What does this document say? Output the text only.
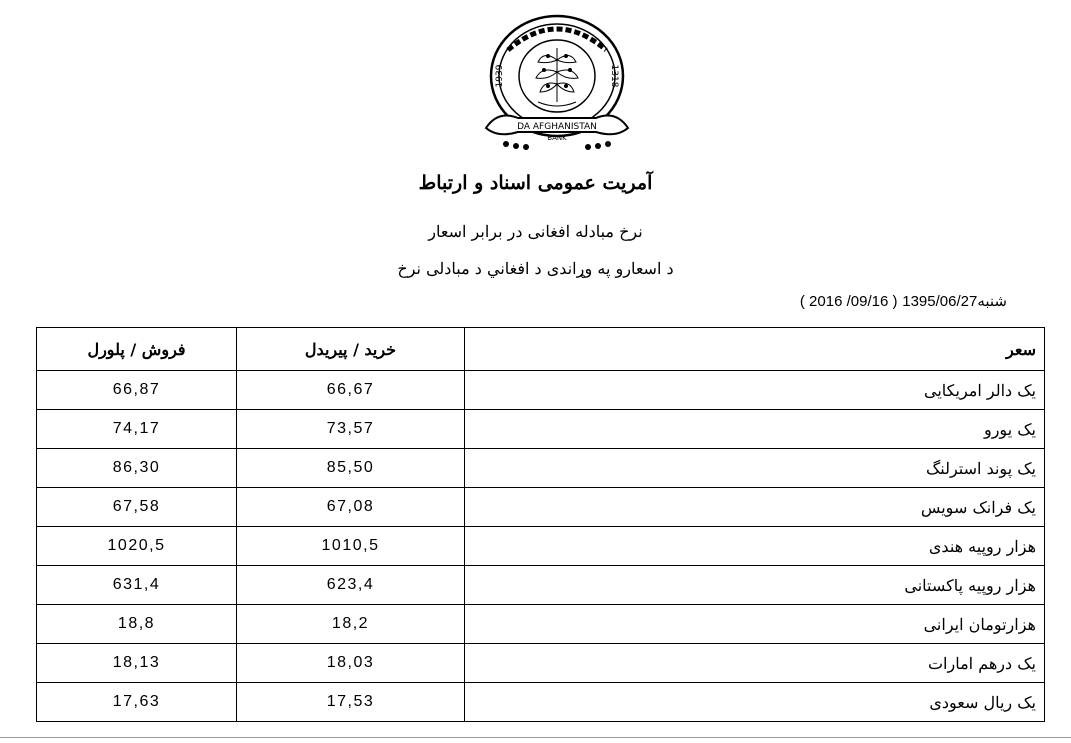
1939	1318
DA AFGHANISTAN
BANK
آمریت عمومی اسناد و ارتباط
نرخ مبادله افغانی در برابر اسعار
د اسعارو په وړاندی د افغاني د مبادلی نرخ
( 2016 /09/16 ) 1395/06/27شنبه
فروش / پلورل	خرید / پیریدل	سعر
66,87	66,67	یک دالر امریکایی
74,17	73,57	یک یورو
86,30	85,50	یک پوند استرلنگ
67,58	67,08	یک فرانک سویس
1020,5	1010,5	هزار روپیه هندی
631,4	623,4	هزار روپیه پاکستانی
18,8	18,2	هزارتومان ایرانی
18,13	18,03	یک درهم امارات
17,63	17,53	یک ریال سعودی
